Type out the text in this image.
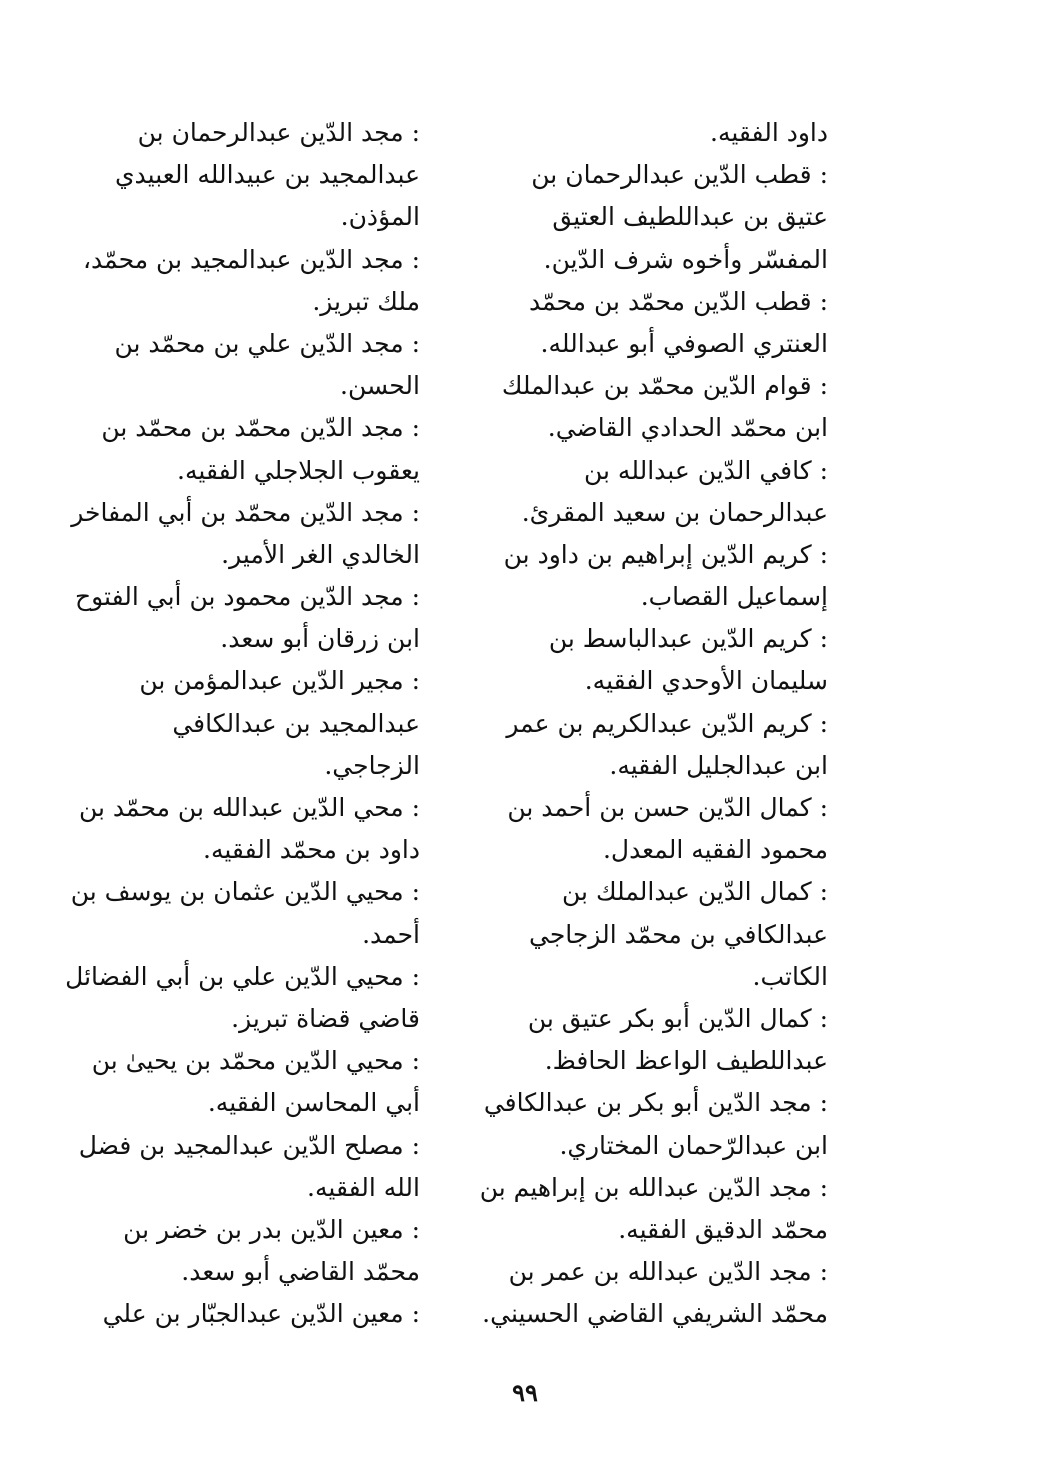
داود الفقيه.
: قطب الدّين عبدالرحمان بن
عتيق بن عبداللطيف العتيق
المفسّر وأخوه شرف الدّين.
: قطب الدّين محمّد بن محمّد
العنتري الصوفي أبو عبدالله.
: قوام الدّين محمّد بن عبدالملك
ابن محمّد الحدادي القاضي.
: كافي الدّين عبدالله بن
عبدالرحمان بن سعيد المقرئ.
: كريم الدّين إبراهيم بن داود بن
إسماعيل القصاب.
: كريم الدّين عبدالباسط بن
سليمان الأوحدي الفقيه.
: كريم الدّين عبدالكريم بن عمر
ابن عبدالجليل الفقيه.
: كمال الدّين حسن بن أحمد بن
محمود الفقيه المعدل.
: كمال الدّين عبدالملك بن
عبدالكافي بن محمّد الزجاجي
الكاتب.
: كمال الدّين أبو بكر عتيق بن
عبداللطيف الواعظ الحافظ.
: مجد الدّين أبو بكر بن عبدالكافي
ابن عبدالرّحمان المختاري.
: مجد الدّين عبدالله بن إبراهيم بن
محمّد الدقيق الفقيه.
: مجد الدّين عبدالله بن عمر بن
محمّد الشريفي القاضي الحسيني.
: مجد الدّين عبدالرحمان بن
عبدالمجيد بن عبيدالله العبيدي
المؤذن.
: مجد الدّين عبدالمجيد بن محمّد،
ملك تبريز.
: مجد الدّين علي بن محمّد بن
الحسن.
: مجد الدّين محمّد بن محمّد بن
يعقوب الجلاجلي الفقيه.
: مجد الدّين محمّد بن أبي المفاخر
الخالدي الغر الأمير.
: مجد الدّين محمود بن أبي الفتوح
ابن زرقان أبو سعد.
: مجير الدّين عبدالمؤمن بن
عبدالمجيد بن عبدالكافي
الزجاجي.
: محي الدّين عبدالله بن محمّد بن
داود بن محمّد الفقيه.
: محيي الدّين عثمان بن يوسف بن
أحمد.
: محيي الدّين علي بن أبي الفضائل
قاضي قضاة تبريز.
: محيي الدّين محمّد بن يحيىٰ بن
أبي المحاسن الفقيه.
: مصلح الدّين عبدالمجيد بن فضل
الله الفقيه.
: معين الدّين بدر بن خضر بن
محمّد القاضي أبو سعد.
: معين الدّين عبدالجبّار بن علي
٩٩
